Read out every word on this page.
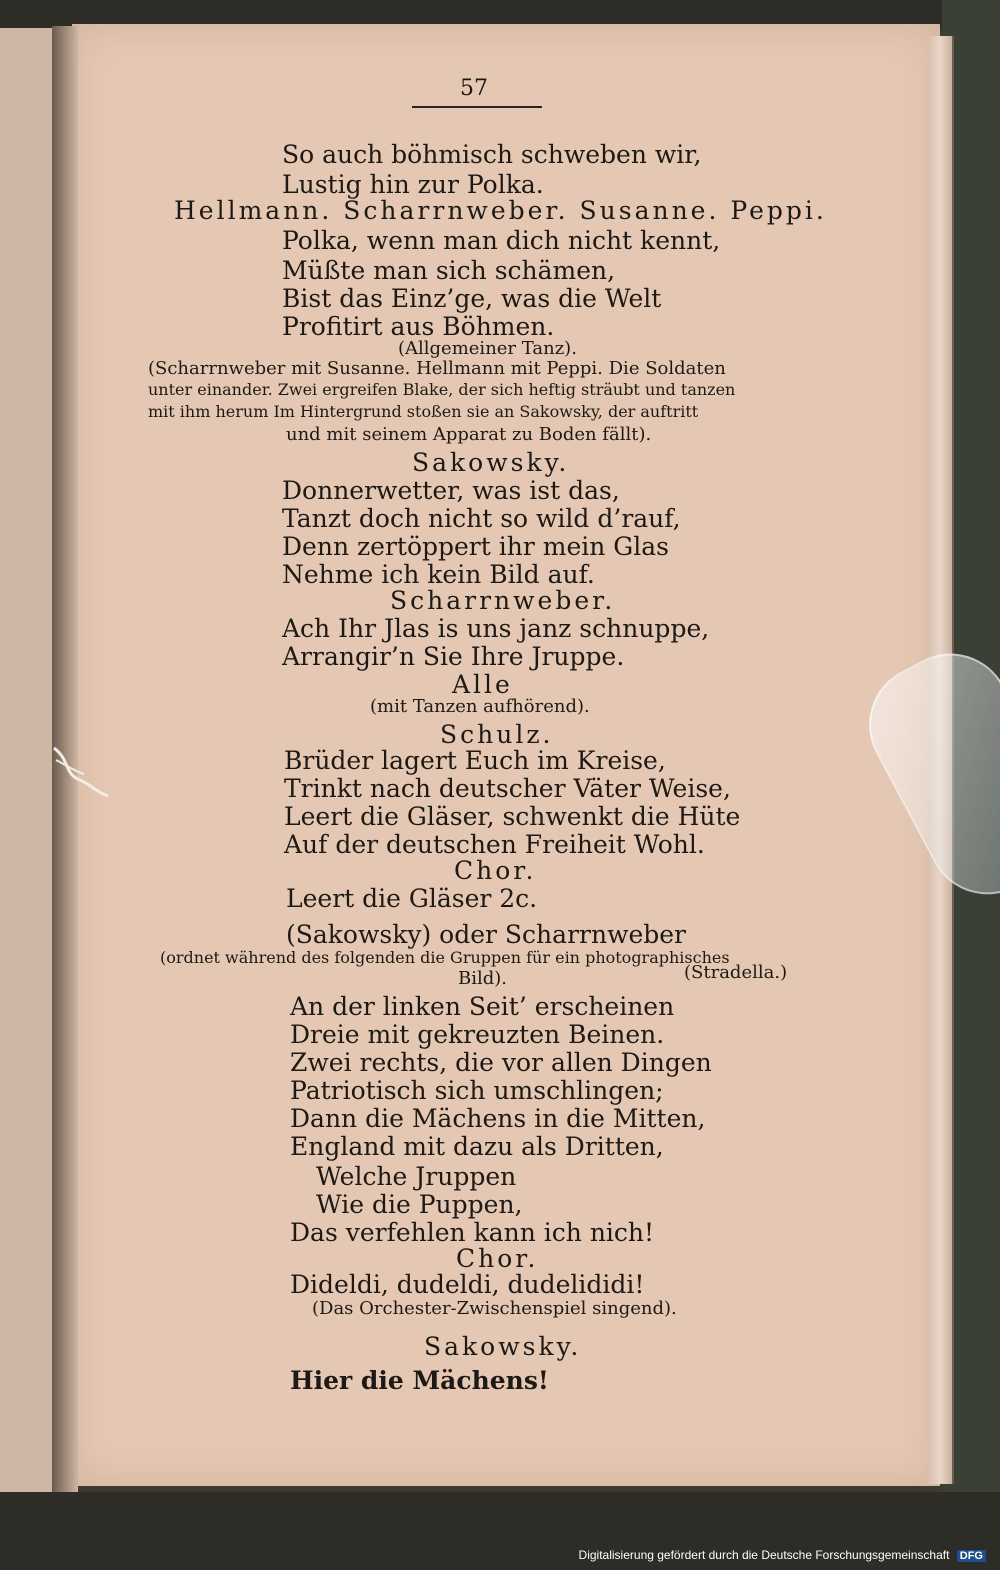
57
So auch böhmisch schweben wir,
Lustig hin zur Polka.
Hellmann. Scharrnweber. Susanne. Peppi.
Polka, wenn man dich nicht kennt,
Müßte man sich schämen,
Bist das Einz’ge, was die Welt
Profitirt aus Böhmen.
(Allgemeiner Tanz).
(Scharrnweber mit Susanne. Hellmann mit Peppi. Die Soldaten
unter einander. Zwei ergreifen Blake, der sich heftig sträubt und tanzen
mit ihm herum Im Hintergrund stoßen sie an Sakowsky, der auftritt
und mit seinem Apparat zu Boden fällt).
Sakowsky.
Donnerwetter, was ist das,
Tanzt doch nicht so wild d’rauf,
Denn zertöppert ihr mein Glas
Nehme ich kein Bild auf.
Scharrnweber.
Ach Ihr Jlas is uns janz schnuppe,
Arrangir’n Sie Ihre Jruppe.
Alle
(mit Tanzen aufhörend).
Schulz.
Brüder lagert Euch im Kreise,
Trinkt nach deutscher Väter Weise,
Leert die Gläser, schwenkt die Hüte
Auf der deutschen Freiheit Wohl.
Chor.
Leert die Gläser 2c.
(Sakowsky) oder Scharrnweber
(ordnet während des folgenden die Gruppen für ein photographisches
Bild).	(Stradella.)
An der linken Seit’ erscheinen
Dreie mit gekreuzten Beinen.
Zwei rechts, die vor allen Dingen
Patriotisch sich umschlingen;
Dann die Mächens in die Mitten,
England mit dazu als Dritten,
Welche Jruppen
Wie die Puppen,
Das verfehlen kann ich nich!
Chor.
Dideldi, dudeldi, dudelididi!
(Das Orchester-Zwischenspiel singend).
Sakowsky.
Hier die Mächens!
Digitalisierung gefördert durch die Deutsche Forschungsgemeinschaft DFG
